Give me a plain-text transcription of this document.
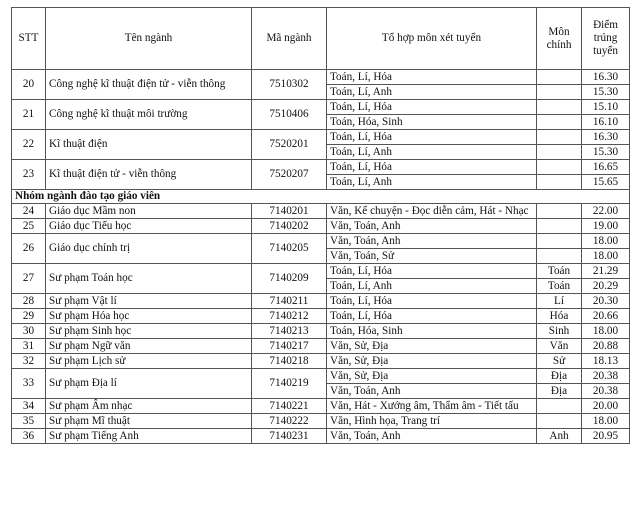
STT	Tên ngành	Mã ngành	Tổ hợp môn xét tuyển	Môn chính	Điểm trúng tuyển
20	Công nghệ kĩ thuật điện tử - viễn thông	7510302	Toán, Lí, Hóa		16.30
			Toán, Lí, Anh		15.30
21	Công nghệ kĩ thuật môi trường	7510406	Toán, Lí, Hóa		15.10
			Toán, Hóa, Sinh		16.10
22	Kĩ thuật điện	7520201	Toán, Lí, Hóa		16.30
			Toán, Lí, Anh		15.30
23	Kĩ thuật điện tử - viễn thông	7520207	Toán, Lí, Hóa		16.65
			Toán, Lí, Anh		15.65
Nhóm ngành đào tạo giáo viên					
24	Giáo dục Mầm non	7140201	Văn, Kể chuyện - Đọc diễn cảm, Hát - Nhạc		22.00
25	Giáo dục Tiểu học	7140202	Văn, Toán, Anh		19.00
26	Giáo dục chính trị	7140205	Văn, Toán, Anh		18.00
			Văn, Toán, Sử		18.00
27	Sư phạm Toán học	7140209	Toán, Lí, Hóa	Toán	21.29
			Toán, Lí, Anh	Toán	20.29
28	Sư phạm Vật lí	7140211	Toán, Lí, Hóa	Lí	20.30
29	Sư phạm Hóa học	7140212	Toán, Lí, Hóa	Hóa	20.66
30	Sư phạm Sinh học	7140213	Toán, Hóa, Sinh	Sinh	18.00
31	Sư phạm Ngữ văn	7140217	Văn, Sử, Địa	Văn	20.88
32	Sư phạm Lịch sử	7140218	Văn, Sử, Địa	Sử	18.13
33	Sư phạm Địa lí	7140219	Văn, Sử, Địa	Địa	20.38
			Văn, Toán, Anh	Địa	20.38
34	Sư phạm Âm nhạc	7140221	Văn, Hát - Xướng âm, Thẩm âm - Tiết tấu		20.00
35	Sư phạm Mĩ thuật	7140222	Văn, Hình họa, Trang trí		18.00
36	Sư phạm Tiếng Anh	7140231	Văn, Toán, Anh	Anh	20.95
